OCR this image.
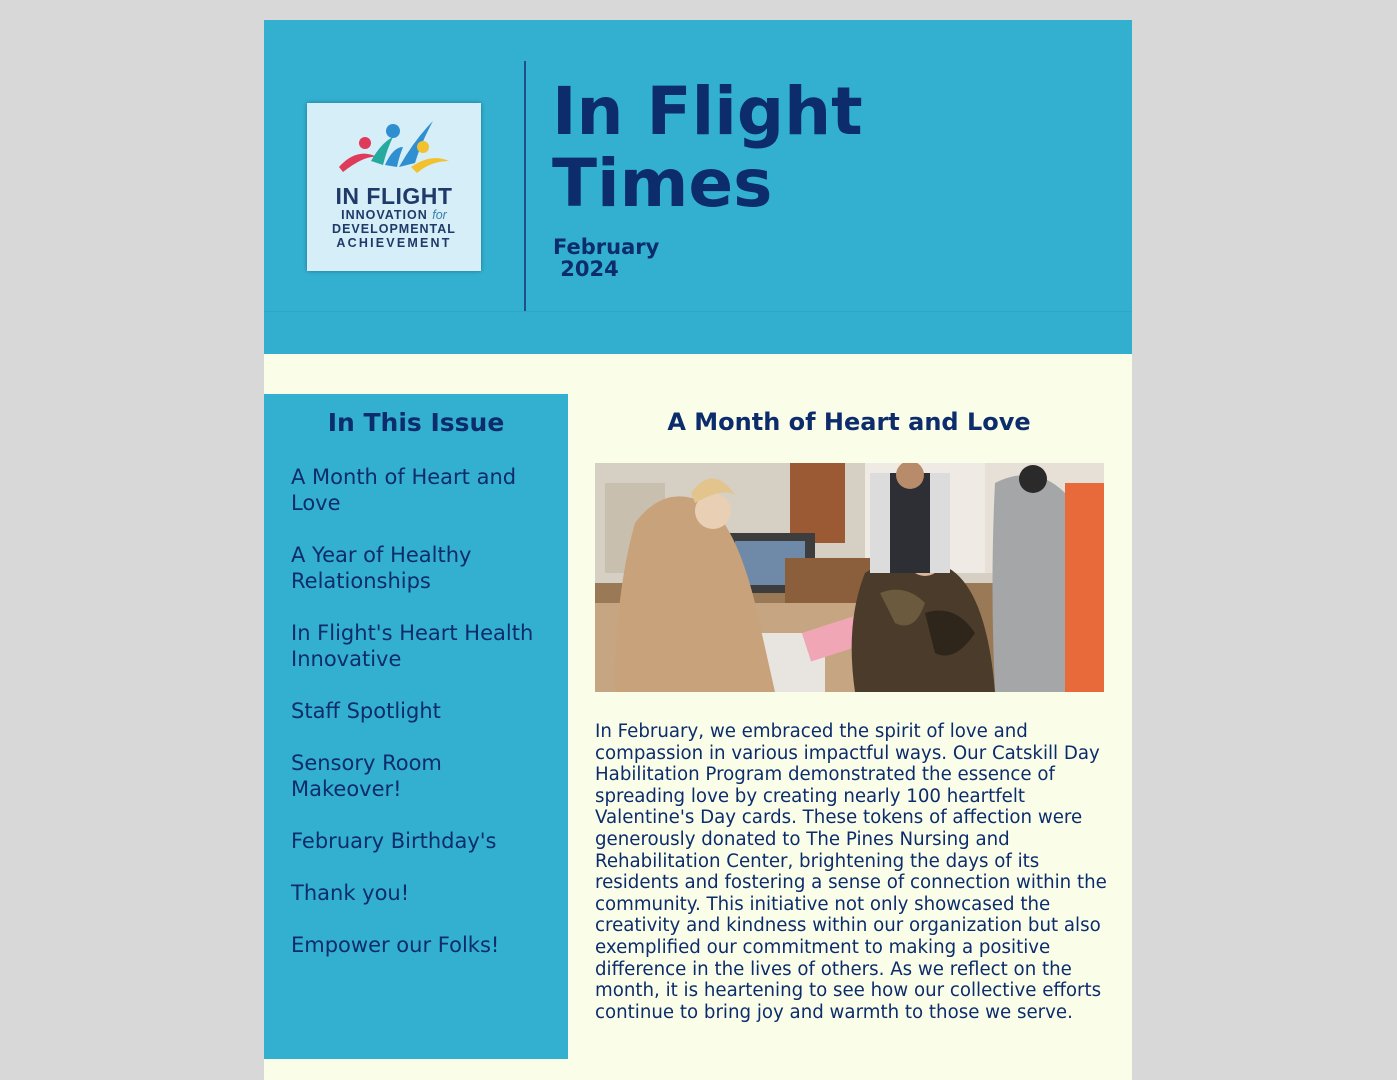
IN FLIGHT
INNOVATION for
DEVELOPMENTAL
ACHIEVEMENT
In Flight Times
February
2024
In This Issue
A Month of Heart and Love
A Year of Healthy Relationships
In Flight's Heart Health Innovative
Staff Spotlight
Sensory Room Makeover!
February Birthday's
Thank you!
Empower our Folks!
A Month of Heart and Love

In February, we embraced the spirit of love and compassion in various impactful ways. Our Catskill Day Habilitation Program demonstrated the essence of spreading love by creating nearly 100 heartfelt Valentine's Day cards. These tokens of affection were generously donated to The Pines Nursing and Rehabilitation Center, brightening the days of its residents and fostering a sense of connection within the community. This initiative not only showcased the creativity and kindness within our organization but also exemplified our commitment to making a positive difference in the lives of others. As we reflect on the month, it is heartening to see how our collective efforts continue to bring joy and warmth to those we serve.
